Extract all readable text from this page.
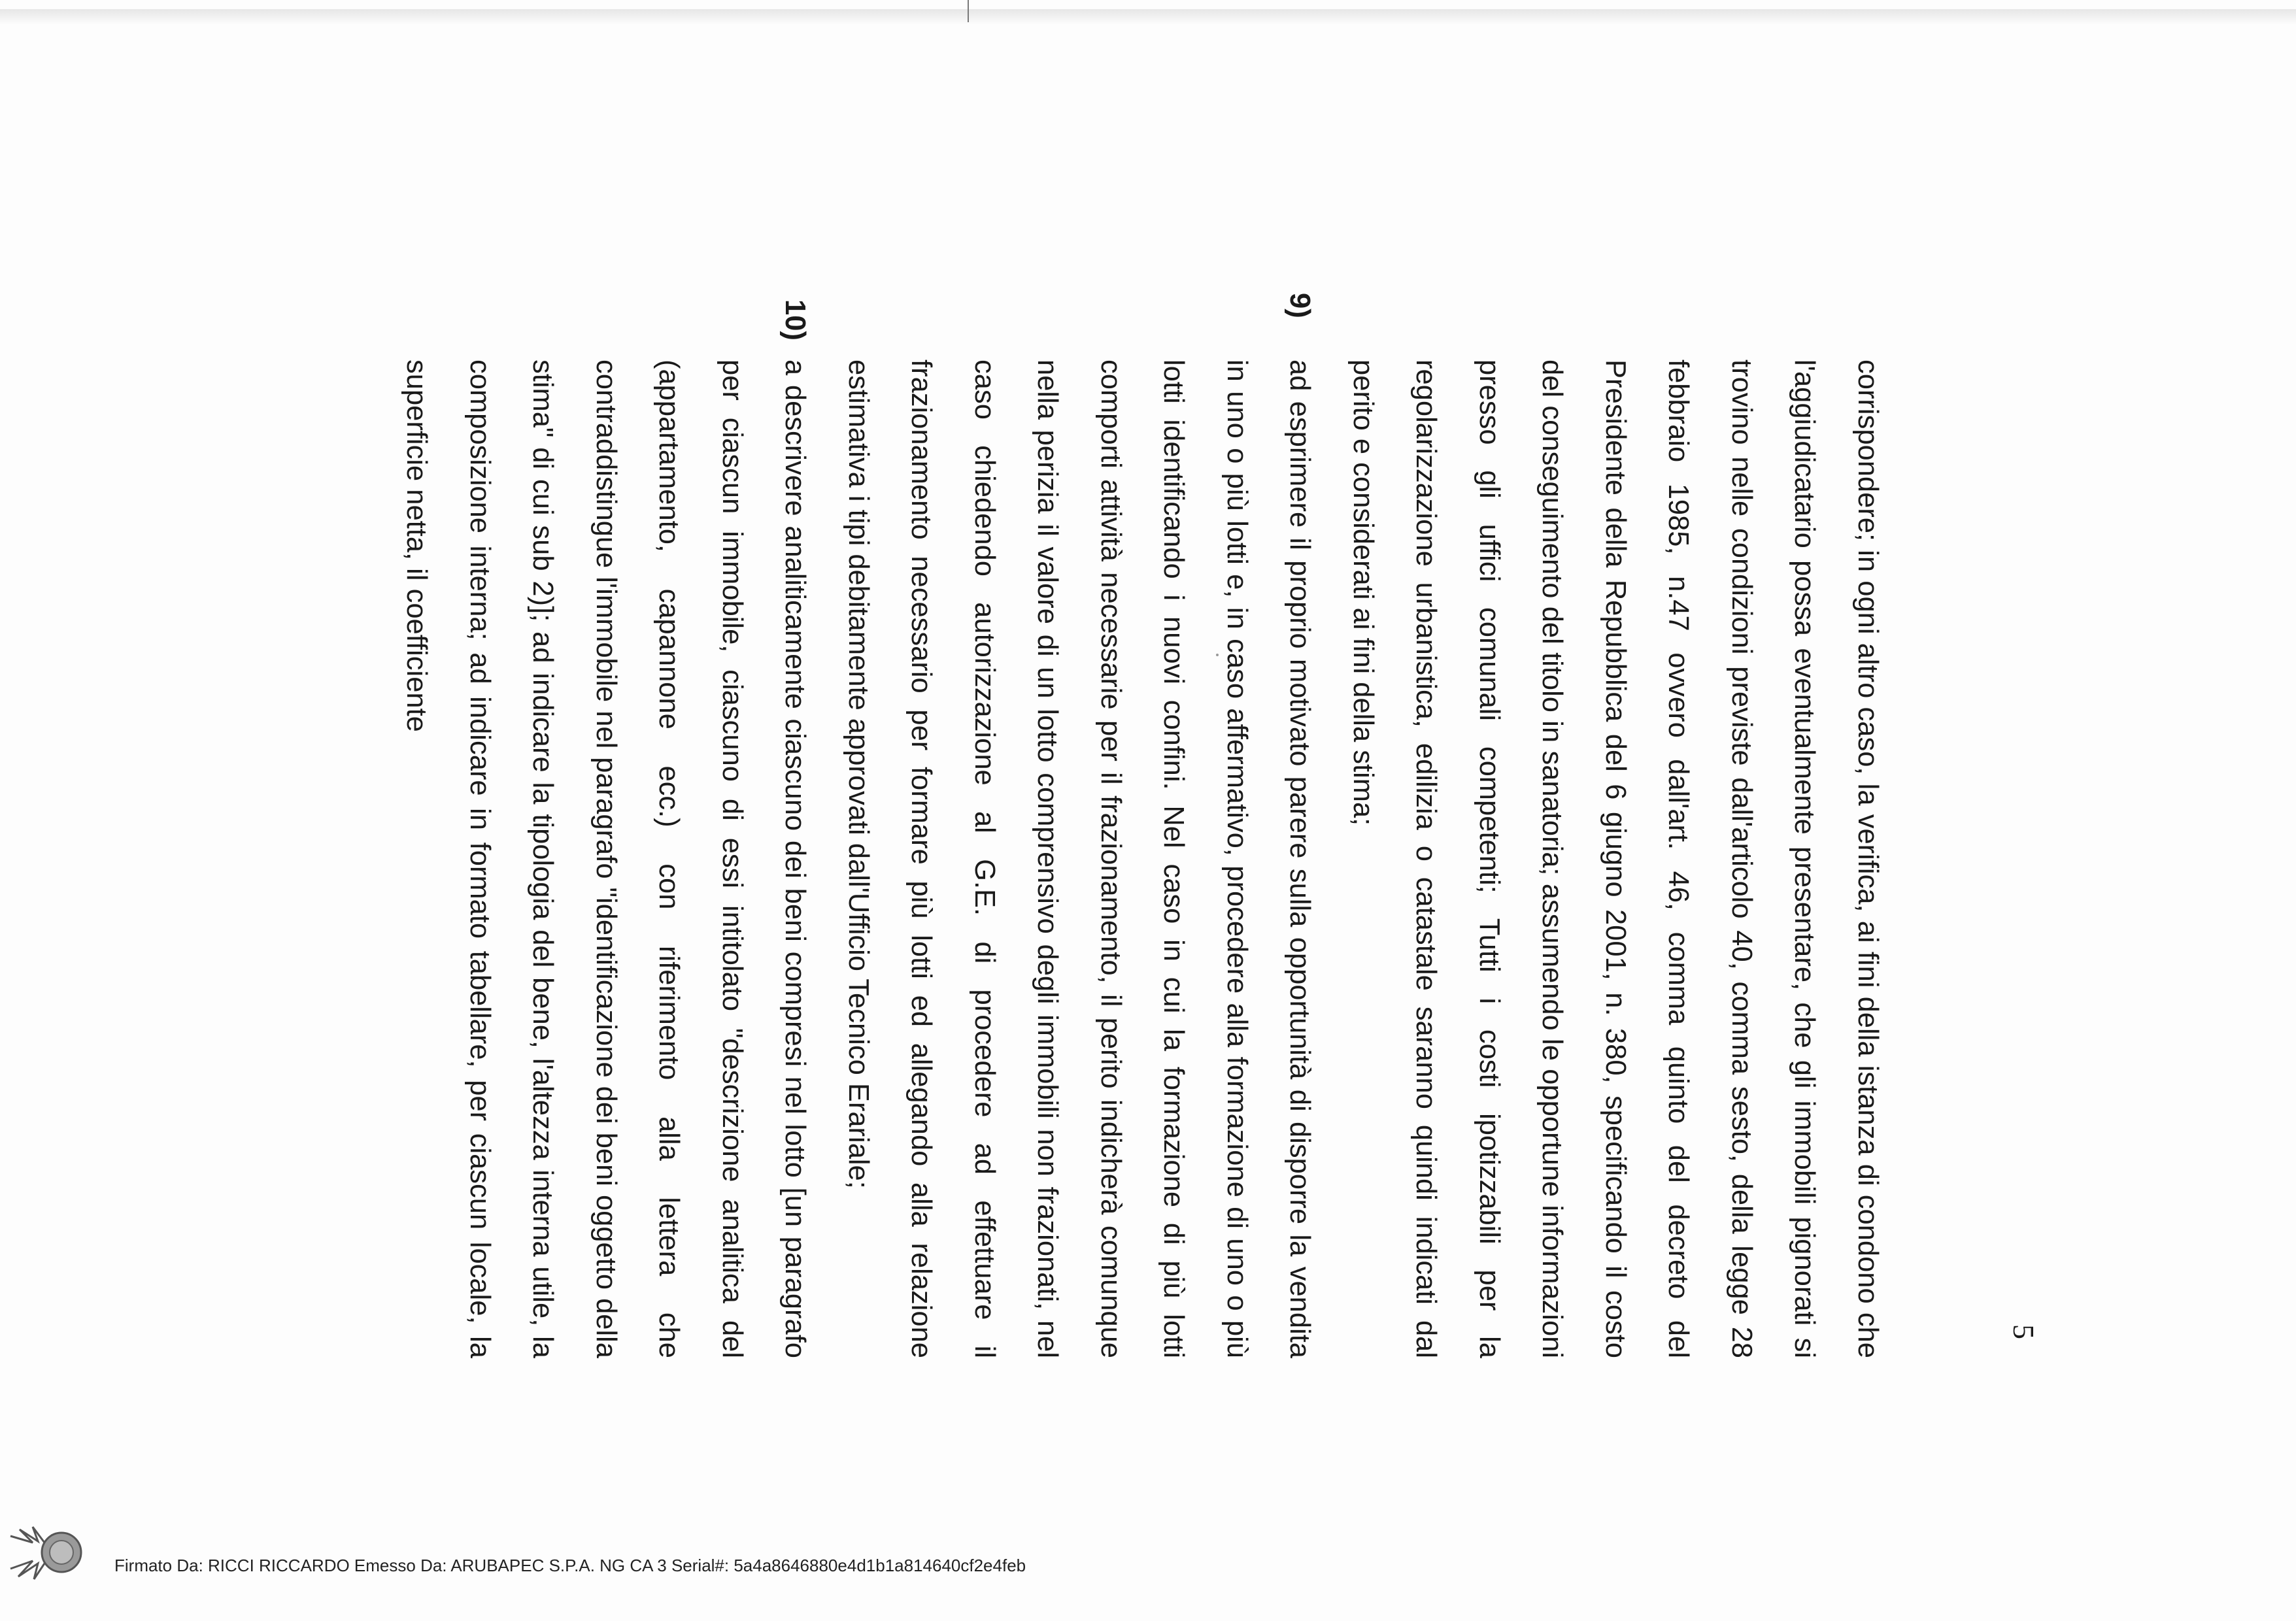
5

corrispondere; in ogni altro caso, la verifica, ai fini della istanza di condono che l'aggiudicatario possa eventualmente presentare, che gli immobili pignorati si trovino nelle condizioni previste dall'articolo 40, comma sesto, della legge 28 febbraio 1985, n.47 ovvero dall'art. 46, comma quinto del decreto del Presidente della Repubblica del 6 giugno 2001, n. 380, specificando il costo del conseguimento del titolo in sanatoria; assumendo le opportune informazioni presso gli uffici comunali competenti; Tutti i costi ipotizzabili per la regolarizzazione urbanistica, edilizia o catastale saranno quindi indicati dal perito e considerati ai fini della stima;

9)

ad esprimere il proprio motivato parere sulla opportunità di disporre la vendita in uno o più lotti e, in caso affermativo, procedere alla formazione di uno o più lotti identificando i nuovi confini. Nel caso in cui la formazione di più lotti comporti attività necessarie per il frazionamento, il perito indicherà comunque nella perizia il valore di un lotto comprensivo degli immobili non frazionati, nel caso chiedendo autorizzazione al G.E. di procedere ad effettuare il frazionamento necessario per formare più lotti ed allegando alla relazione estimativa i tipi debitamente approvati dall'Ufficio Tecnico Erariale;

10)

a descrivere analiticamente ciascuno dei beni compresi nel lotto [un paragrafo per ciascun immobile, ciascuno di essi intitolato "descrizione analitica del (appartamento, capannone ecc.) con riferimento alla lettera che contraddistingue l'immobile nel paragrafo "identificazione dei beni oggetto della stima" di cui sub 2)]; ad indicare la tipologia del bene, l'altezza interna utile, la composizione interna; ad indicare in formato tabellare, per ciascun locale, la superficie netta, il coefficiente

Firmato Da: RICCI RICCARDO Emesso Da: ARUBAPEC S.P.A. NG CA 3 Serial#: 5a4a8646880e4d1b1a814640cf2e4feb
